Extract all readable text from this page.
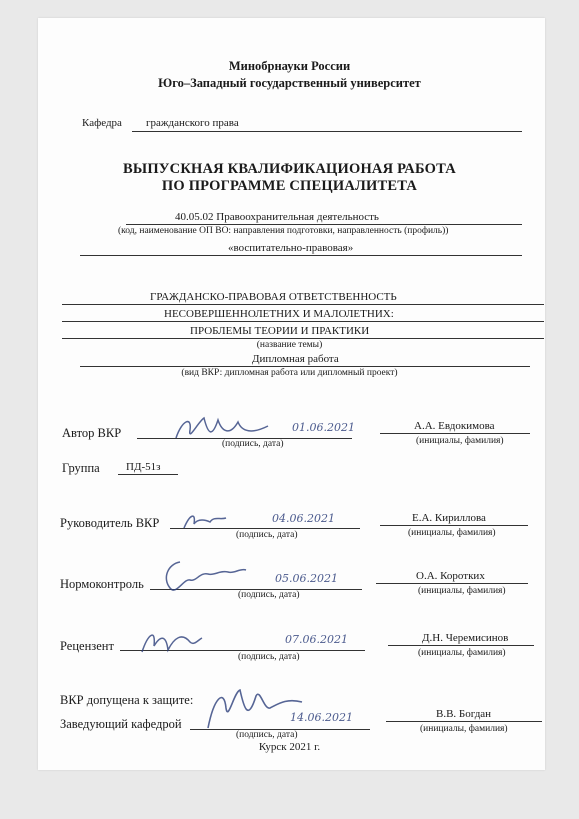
Минобрнауки России
Юго–Западный государственный университет
Кафедра гражданского права
ВЫПУСКНАЯ КВАЛИФИКАЦИОНАЯ РАБОТА
ПО ПРОГРАММЕ СПЕЦИАЛИТЕТА
40.05.02 Правоохранительная деятельность
(код, наименование ОП ВО: направления подготовки, направленность (профиль))
«воспитательно-правовая»
ГРАЖДАНСКО-ПРАВОВАЯ ОТВЕТСТВЕННОСТЬ
НЕСОВЕРШЕННОЛЕТНИХ И МАЛОЛЕТНИХ:
ПРОБЛЕМЫ ТЕОРИИ И ПРАКТИКИ
(название темы)
Дипломная работа
(вид ВКР: дипломная работа или дипломный проект)
Автор ВКР	01.06.2021
(подпись, дата)
А.А. Евдокимова
(инициалы, фамилия)
Группа ПД-51з
Руководитель ВКР	04.06.2021
(подпись, дата)
Е.А. Кириллова
(инициалы, фамилия)
Нормоконтроль	05.06.2021
(подпись, дата)
О.А. Коротких
(инициалы, фамилия)
Рецензент	07.06.2021
(подпись, дата)
Д.Н. Черемисинов
(инициалы, фамилия)
ВКР допущена к защите:
Заведующий кафедрой	14.06.2021
(подпись, дата)
В.В. Богдан
(инициалы, фамилия)
Курск 2021 г.
